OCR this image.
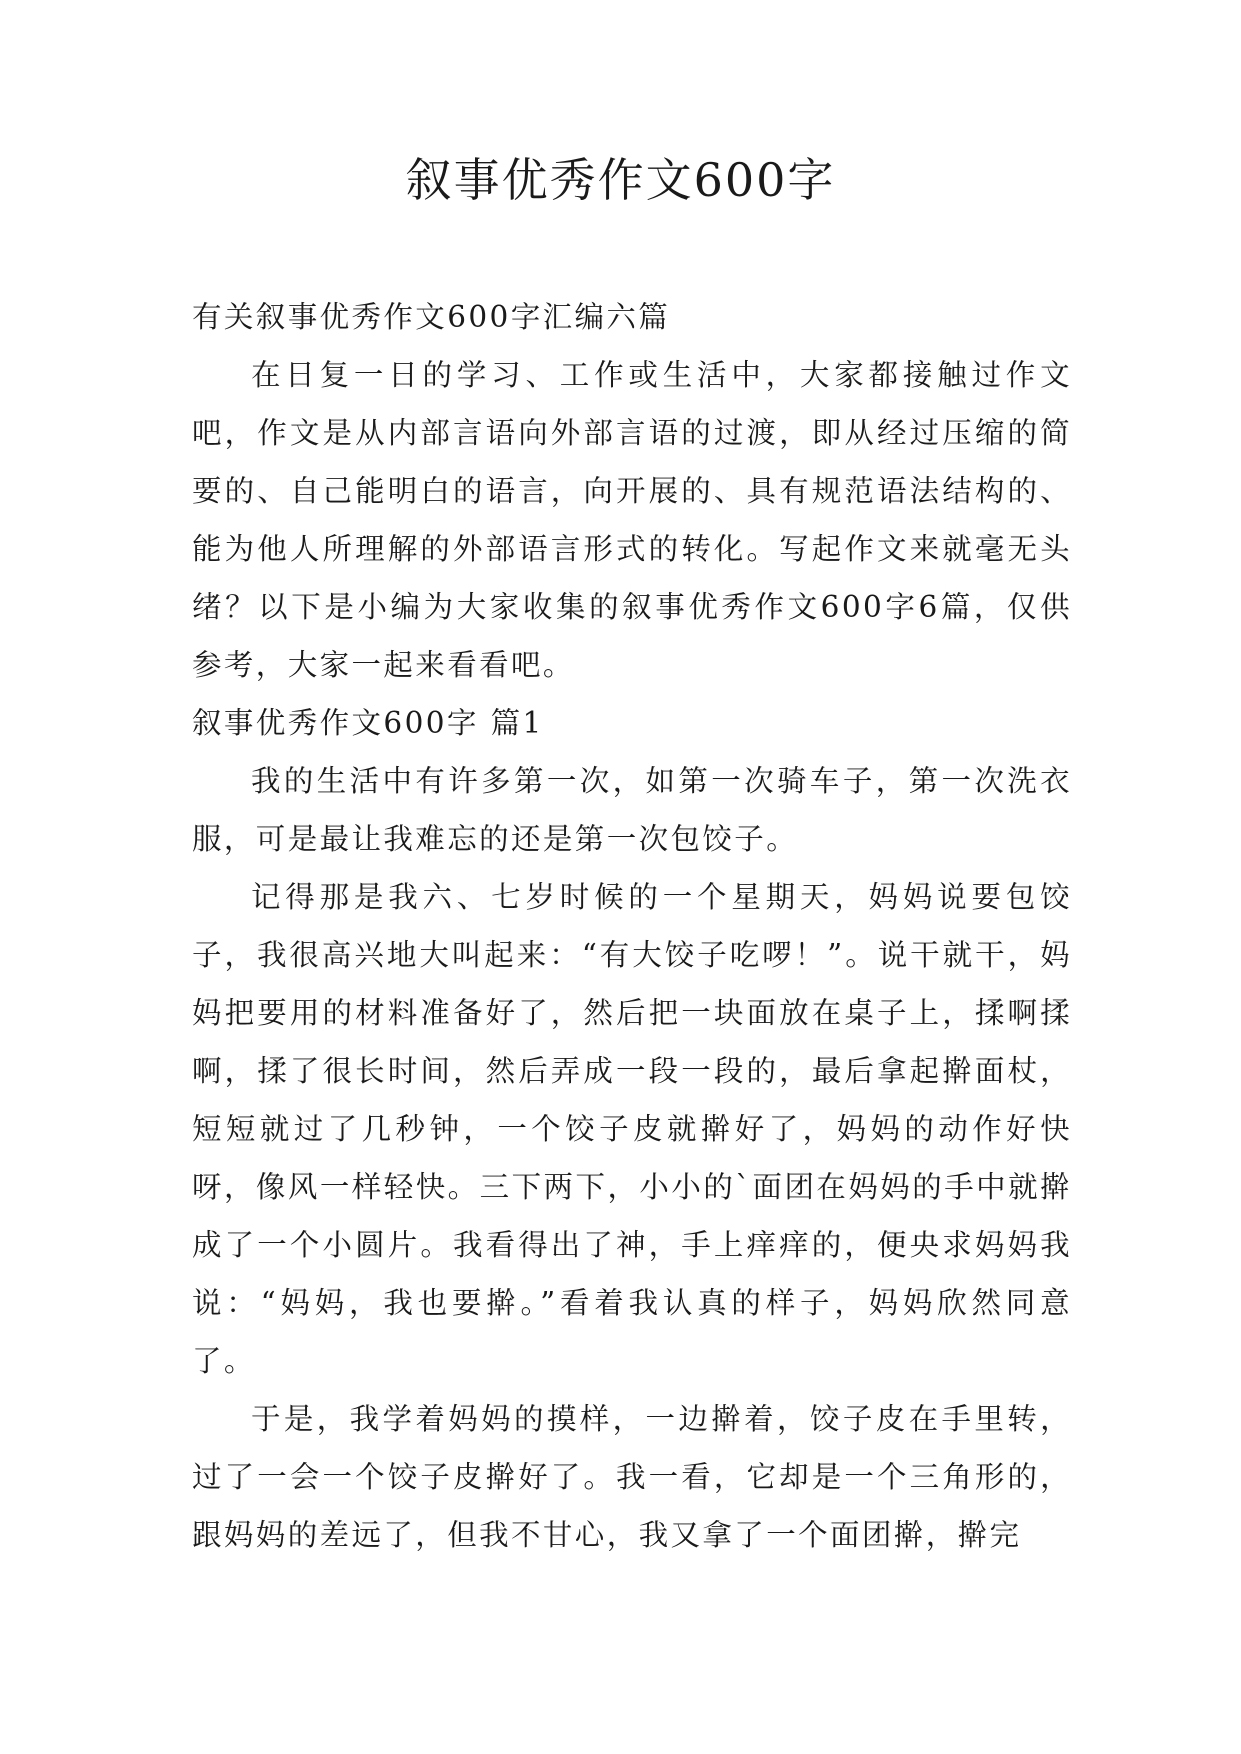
叙事优秀作文600字

有关叙事优秀作文600字汇编六篇

在日复一日的学习、工作或生活中，大家都接触过作文吧，作文是从内部言语向外部言语的过渡，即从经过压缩的简要的、自己能明白的语言，向开展的、具有规范语法结构的、能为他人所理解的外部语言形式的转化。写起作文来就毫无头绪？以下是小编为大家收集的叙事优秀作文600字6篇，仅供参考，大家一起来看看吧。

叙事优秀作文600字 篇1

我的生活中有许多第一次，如第一次骑车子，第一次洗衣服，可是最让我难忘的还是第一次包饺子。

记得那是我六、七岁时候的一个星期天，妈妈说要包饺子，我很高兴地大叫起来：“有大饺子吃啰！”。说干就干，妈妈把要用的材料准备好了，然后把一块面放在桌子上，揉啊揉啊，揉了很长时间，然后弄成一段一段的，最后拿起擀面杖，短短就过了几秒钟，一个饺子皮就擀好了，妈妈的动作好快呀，像风一样轻快。三下两下，小小的`面团在妈妈的手中就擀成了一个小圆片。我看得出了神，手上痒痒的，便央求妈妈我说：“妈妈，我也要擀。”看着我认真的样子，妈妈欣然同意了。

于是，我学着妈妈的摸样，一边擀着，饺子皮在手里转，过了一会一个饺子皮擀好了。我一看，它却是一个三角形的，跟妈妈的差远了，但我不甘心，我又拿了一个面团擀，擀完
